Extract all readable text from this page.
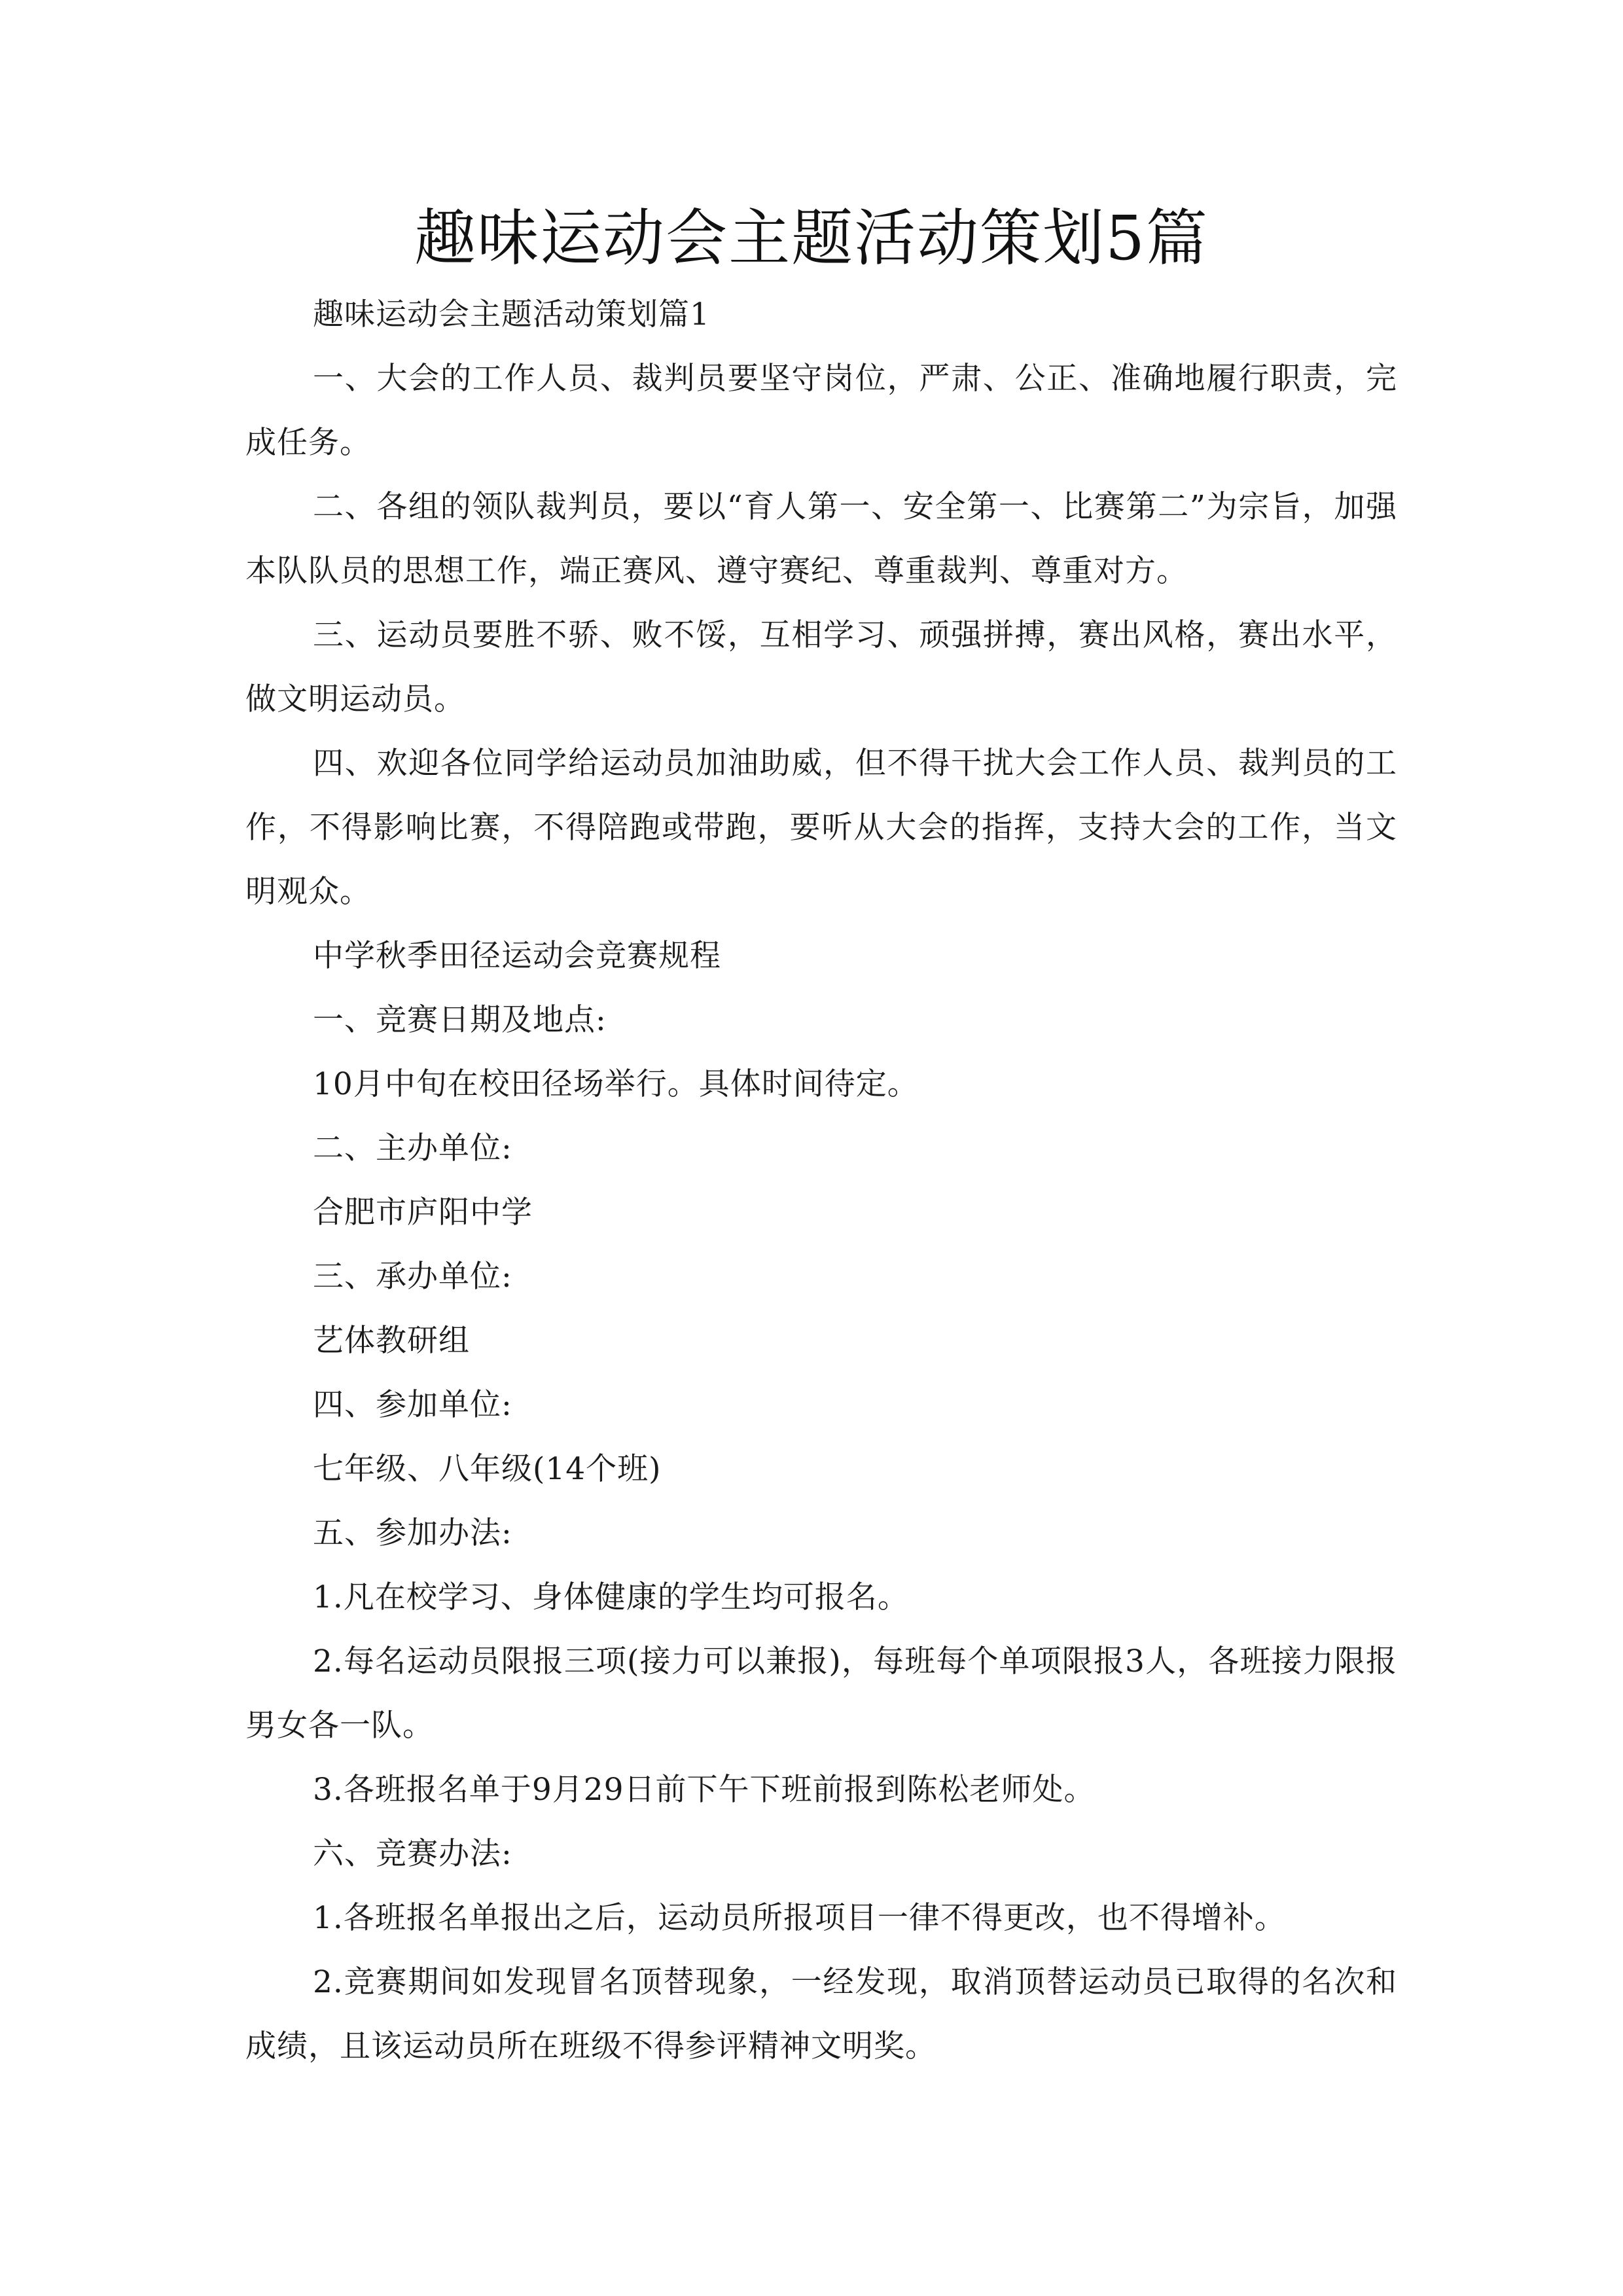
趣味运动会主题活动策划5篇

趣味运动会主题活动策划篇1

一、大会的工作人员、裁判员要坚守岗位，严肃、公正、准确地履行职责，完成任务。

二、各组的领队裁判员，要以“育人第一、安全第一、比赛第二”为宗旨，加强本队队员的思想工作，端正赛风、遵守赛纪、尊重裁判、尊重对方。

三、运动员要胜不骄、败不馁，互相学习、顽强拼搏，赛出风格，赛出水平，做文明运动员。

四、欢迎各位同学给运动员加油助威，但不得干扰大会工作人员、裁判员的工作，不得影响比赛，不得陪跑或带跑，要听从大会的指挥，支持大会的工作，当文明观众。

中学秋季田径运动会竞赛规程

一、竞赛日期及地点:

10月中旬在校田径场举行。具体时间待定。

二、主办单位:

合肥市庐阳中学

三、承办单位:

艺体教研组

四、参加单位:

七年级、八年级(14个班)

五、参加办法:

1.凡在校学习、身体健康的学生均可报名。

2.每名运动员限报三项(接力可以兼报)，每班每个单项限报3人，各班接力限报男女各一队。

3.各班报名单于9月29日前下午下班前报到陈松老师处。

六、竞赛办法:

1.各班报名单报出之后，运动员所报项目一律不得更改，也不得增补。

2.竞赛期间如发现冒名顶替现象，一经发现，取消顶替运动员已取得的名次和成绩，且该运动员所在班级不得参评精神文明奖。
